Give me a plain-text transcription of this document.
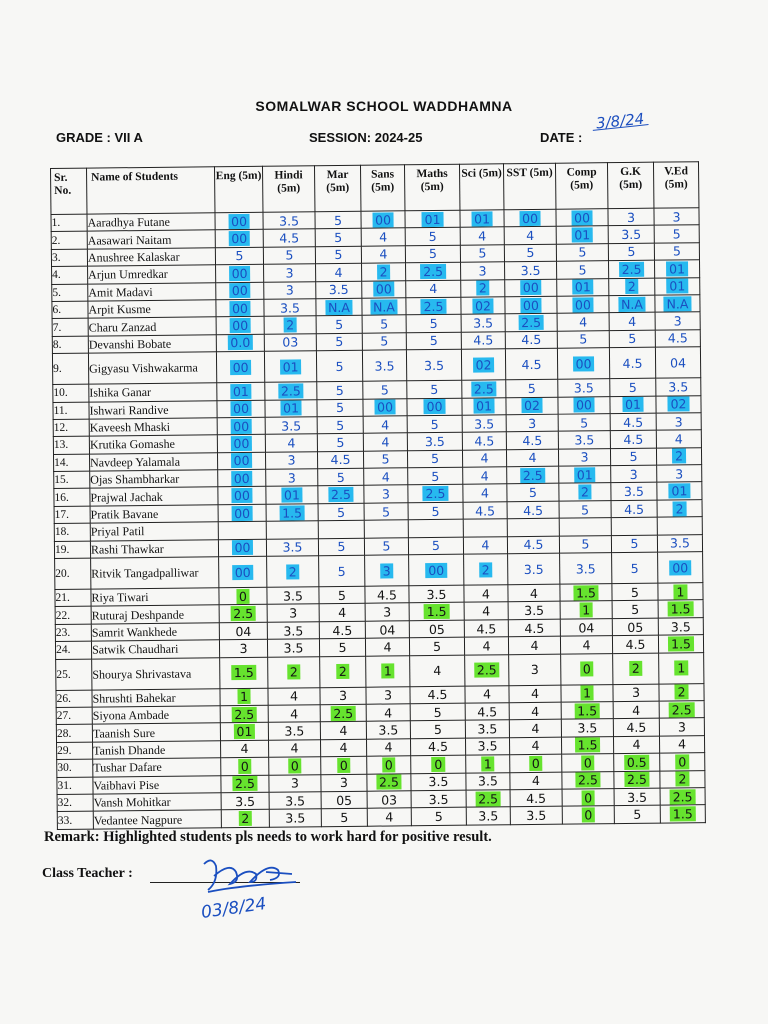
SOMALWAR SCHOOL WADDHAMNA
GRADE : VII A	SESSION: 2024-25	DATE :
3/8/24
Sr. No.	Name of Students	Eng (5m)	Hindi (5m)	Mar (5m)	Sans (5m)	Maths (5m)	Sci (5m)	SST (5m)	Comp (5m)	G.K (5m)	V.Ed (5m)
1.	Aaradhya Futane	00	3.5	5	00	01	01	00	00	3	3
2.	Aasawari Naitam	00	4.5	5	4	5	4	4	01	3.5	5
3.	Anushree Kalaskar	5	5	5	4	5	5	5	5	5	5
4.	Arjun Umredkar	00	3	4	2	2.5	3	3.5	5	2.5	01
5.	Amit Madavi	00	3	3.5	00	4	2	00	01	2	01
6.	Arpit Kusme	00	3.5	N.A	N.A	2.5	02	00	00	N.A	N.A
7.	Charu Zanzad	00	2	5	5	5	3.5	2.5	4	4	3
8.	Devanshi Bobate	0.0	03	5	5	5	4.5	4.5	5	5	4.5
9.	Gigyasu Vishwakarma	00	01	5	3.5	3.5	02	4.5	00	4.5	04
10.	Ishika Ganar	01	2.5	5	5	5	2.5	5	3.5	5	3.5
11.	Ishwari Randive	00	01	5	00	00	01	02	00	01	02
12.	Kaveesh Mhaski	00	3.5	5	4	5	3.5	3	5	4.5	3
13.	Krutika Gomashe	00	4	5	4	3.5	4.5	4.5	3.5	4.5	4
14.	Navdeep Yalamala	00	3	4.5	5	5	4	4	3	5	2
15.	Ojas Shambharkar	00	3	5	4	5	4	2.5	01	3	3
16.	Prajwal Jachak	00	01	2.5	3	2.5	4	5	2	3.5	01
17.	Pratik Bavane	00	1.5	5	5	5	4.5	4.5	5	4.5	2
18.	Priyal Patil										
19.	Rashi Thawkar	00	3.5	5	5	5	4	4.5	5	5	3.5
20.	Ritvik Tangadpalliwar	00	2	5	3	00	2	3.5	3.5	5	00
21.	Riya Tiwari	0	3.5	5	4.5	3.5	4	4	1.5	5	1
22.	Ruturaj Deshpande	2.5	3	4	3	1.5	4	3.5	1	5	1.5
23.	Samrit Wankhede	04	3.5	4.5	04	05	4.5	4.5	04	05	3.5
24.	Satwik Chaudhari	3	3.5	5	4	5	4	4	4	4.5	1.5
25.	Shourya Shrivastava	1.5	2	2	1	4	2.5	3	0	2	1
26.	Shrushti Bahekar	1	4	3	3	4.5	4	4	1	3	2
27.	Siyona Ambade	2.5	4	2.5	4	5	4.5	4	1.5	4	2.5
28.	Taanish Sure	01	3.5	4	3.5	5	3.5	4	3.5	4.5	3
29.	Tanish Dhande	4	4	4	4	4.5	3.5	4	1.5	4	4
30.	Tushar Dafare	0	0	0	0	0	1	0	0	0.5	0
31.	Vaibhavi Pise	2.5	3	3	2.5	3.5	3.5	4	2.5	2.5	2
32.	Vansh Mohitkar	3.5	3.5	05	03	3.5	2.5	4.5	0	3.5	2.5
33.	Vedantee Nagpure	2	3.5	5	4	5	3.5	3.5	0	5	1.5
Remark: Highlighted students pls needs to work hard for positive result.
Class Teacher :
03/8/24
